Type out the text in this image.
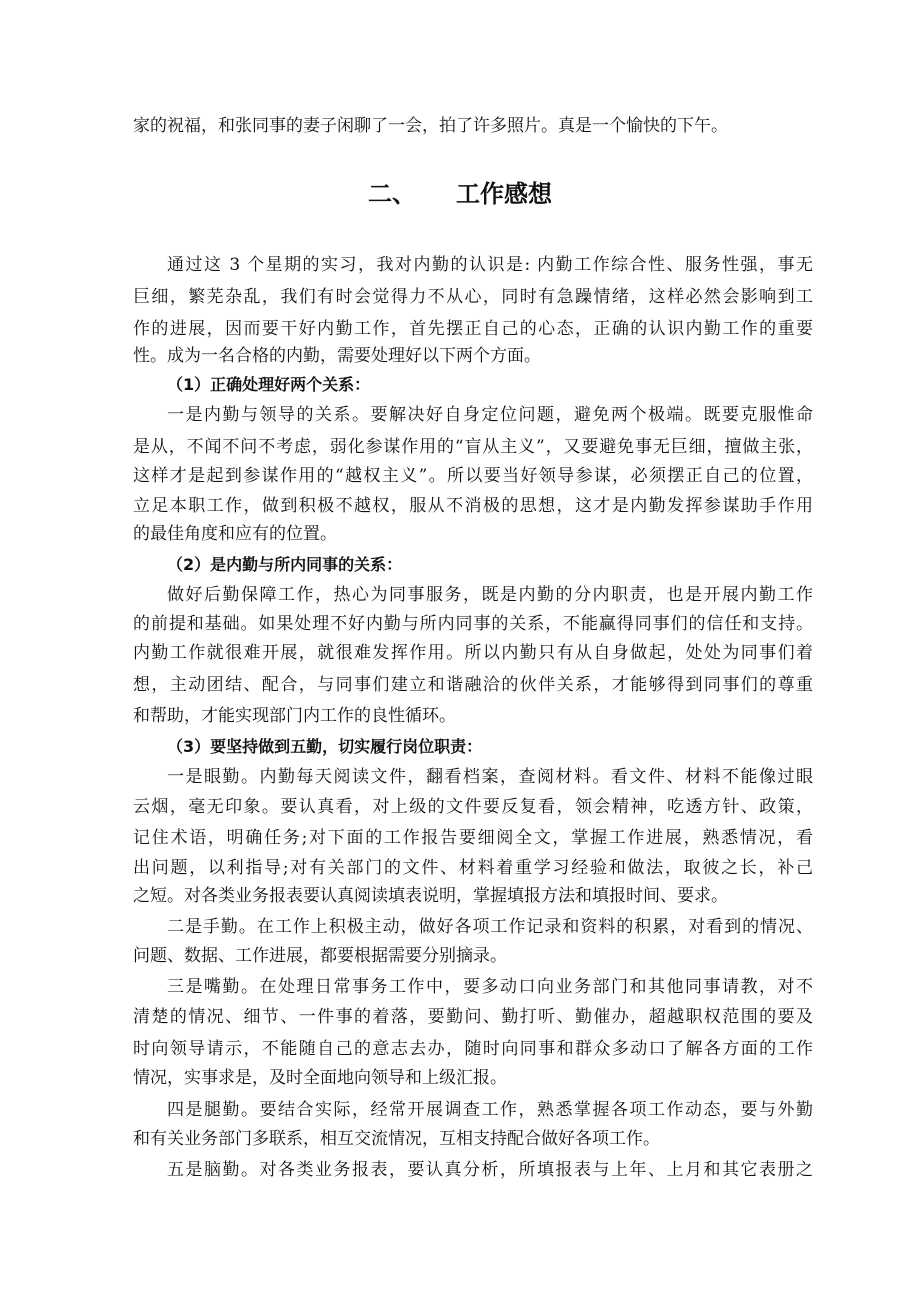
家的祝福，和张同事的妻子闲聊了一会，拍了许多照片。真是一个愉快的下午。
二、 工作感想
通过这 3 个星期的实习，我对内勤的认识是: 内勤工作综合性、服务性强，事无
巨细，繁芜杂乱，我们有时会觉得力不从心，同时有急躁情绪，这样必然会影响到工
作的进展，因而要干好内勤工作，首先摆正自己的心态，正确的认识内勤工作的重要
性。成为一名合格的内勤，需要处理好以下两个方面。
（1）正确处理好两个关系：
一是内勤与领导的关系。要解决好自身定位问题，避免两个极端。既要克服惟命
是从，不闻不问不考虑，弱化参谋作用的“盲从主义”，又要避免事无巨细，擅做主张，
这样才是起到参谋作用的“越权主义”。所以要当好领导参谋，必须摆正自己的位置，
立足本职工作，做到积极不越权，服从不消极的思想，这才是内勤发挥参谋助手作用
的最佳角度和应有的位置。
（2）是内勤与所内同事的关系：
做好后勤保障工作，热心为同事服务，既是内勤的分内职责，也是开展内勤工作
的前提和基础。如果处理不好内勤与所内同事的关系，不能赢得同事们的信任和支持。
内勤工作就很难开展，就很难发挥作用。所以内勤只有从自身做起，处处为同事们着
想，主动团结、配合，与同事们建立和谐融洽的伙伴关系，才能够得到同事们的尊重
和帮助，才能实现部门内工作的良性循环。
（3）要坚持做到五勤，切实履行岗位职责：
一是眼勤。内勤每天阅读文件，翻看档案，查阅材料。看文件、材料不能像过眼
云烟，毫无印象。要认真看，对上级的文件要反复看，领会精神，吃透方针、政策，
记住术语，明确任务;对下面的工作报告要细阅全文，掌握工作进展，熟悉情况，看
出问题，以利指导;对有关部门的文件、材料着重学习经验和做法，取彼之长，补己
之短。对各类业务报表要认真阅读填表说明，掌握填报方法和填报时间、要求。
二是手勤。在工作上积极主动，做好各项工作记录和资料的积累，对看到的情况、
问题、数据、工作进展，都要根据需要分别摘录。
三是嘴勤。在处理日常事务工作中，要多动口向业务部门和其他同事请教，对不
清楚的情况、细节、一件事的着落，要勤问、勤打听、勤催办，超越职权范围的要及
时向领导请示，不能随自己的意志去办，随时向同事和群众多动口了解各方面的工作
情况，实事求是，及时全面地向领导和上级汇报。
四是腿勤。要结合实际，经常开展调查工作，熟悉掌握各项工作动态，要与外勤
和有关业务部门多联系，相互交流情况，互相支持配合做好各项工作。
五是脑勤。对各类业务报表，要认真分析，所填报表与上年、上月和其它表册之
